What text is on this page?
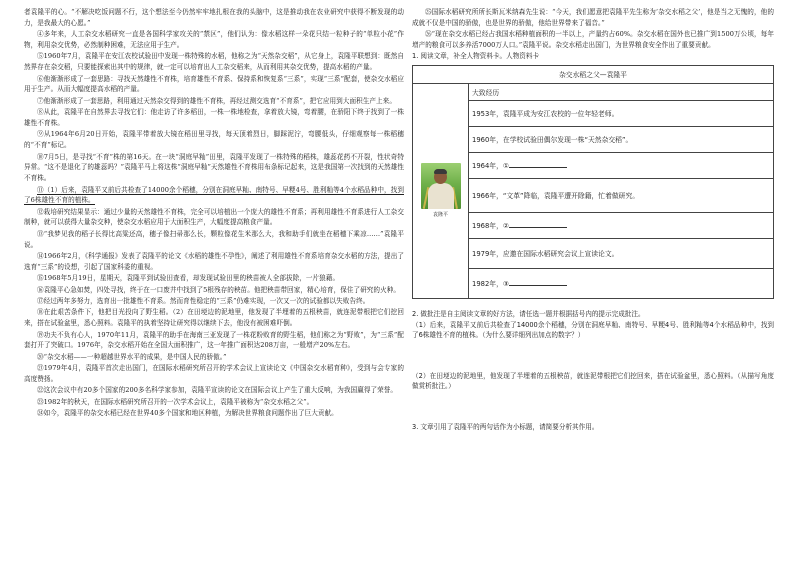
者袁隆平的心。“不解决吃饭问题不行，这个想法至今仍然牢牢地扎根在我的头脑中，这是推动我在农业研究中获得不断发现的动力，是我最大的心愿。”

④多年来，人工杂交水稻研究一直是各国科学家攻关的“禁区”，他们认为：像水稻这样一朵花只结一粒种子的“单粒小花”作物，利用杂交优势，必然制种困难，无法应用于生产。

⑤1960年7月，袁隆平在安江农校试验田中发现一株特殊的水稻，他称之为“天然杂交稻”，从它身上，袁隆平联想到：既然自然界存在杂交稻，只要能探索出其中的规律，就一定可以培育出人工杂交稻来，从而利用其杂交优势，提高水稻的产量。

⑥他渐渐形成了一套思路：寻找天然雄性不育株，培育雄性不育系、保持系和恢复系“三系”，实现“三系”配套，使杂交水稻应用于生产。从而大幅度提高水稻的产量。

⑦他渐渐形成了一套思路，利用通过天然杂交得到的雄性不育株，再经过测交选育“不育系”，把它应用到大面积生产上来。

⑧从此，袁隆平在自然界去寻找它们：他走访了许多稻田，一株一株地检查，拿着放大镜，弯着腰，在骄阳下终于找到了一株雄性不育株。

⑨从1964年6月20日开始，袁隆平带着放大镜在稻田里寻找，每天顶着烈日，脚踩泥泞，弯腰低头，仔细观察每一株稻穗的“不育”标记。

⑩7月5日，是寻找“不育”株的第16天。在一块“洞庭早籼”田里，袁隆平发现了一株特殊的稻株，雄蕊花药不开裂，性状奇特异常。“这不是退化了的雄蕊吗？”袁隆平马上将这株“洞庭早籼”天然雄性不育株用布条标记起来，这是我国第一次找到的天然雄性不育株。

⑪（1）后来，袁隆平又前后共检查了14000余个稻穗，分别在洞庭早籼、南特号、早粳4号、胜利籼等4个水稻品种中，找到了6株雄性不育的植株。

⑫栽培研究结果显示：通过少量的天然雄性不育株，完全可以培植出一个庞大的雄性不育系；再利用雄性不育系进行人工杂交制种，就可以获得大量杂交种，使杂交水稻应用于大面积生产，大幅度提高粮食产量。

⑬“我梦见我的稻子长得比高粱还高，穗子像扫帚那么长，颗粒像花生米那么大，我和助手们就坐在稻穗下乘凉……”袁隆平说。

⑭1966年2月，《科学通报》发表了袁隆平的论文《水稻的雄性不孕性》，阐述了利用雄性不育系培育杂交水稻的方法，提出了选育“三系”的设想，引起了国家科委的重视。

⑮1968年5月19日，星期天，袁隆平到试验田查看，却发现试验田里的秧苗被人全部拔除，一片狼藉。

⑯袁隆平心急如焚，四处寻找，终于在一口废井中找到了5根残存的秧苗。他把秧苗带回家，精心培育，保住了研究的火种。

⑰经过两年多努力，选育出一批雄性不育系。然而育性稳定的“三系”仍难实现，一次又一次的试验都以失败告终。

⑱在此艰苦条件下，他把目光投向了野生稻。（2）在田埂边的泥地里，他发现了半埋着的五根秧苗，就连泥带根把它们挖回来，搭在试验盆里，悉心照料。袁隆平的执着坚持让研究得以继续下去，他没有被困难吓倒。

⑲功夫不负有心人，1970年11月，袁隆平的助手在海南三亚发现了一株花粉败育的野生稻，他们称之为“野败”，为“三系”配套打开了突破口。1976年，杂交水稻开始在全国大面积推广，这一年推广面积达208万亩，一般增产20%左右。

⑳“杂交水稻——一种超越世界水平的成果，是中国人民的骄傲。”

㉑1979年4月，袁隆平首次走出国门，在国际水稻研究所召开的学术会议上宣读论文《中国杂交水稻育种》，受到与会专家的高度赞扬。

㉒这次会议中有20多个国家的200多名科学家参加，袁隆平宣读的论文在国际会议上产生了重大反响，为我国赢得了荣誉。

㉓1982年的秋天，在国际水稻研究所召开的一次学术会议上，袁隆平被称为“杂交水稻之父”。

㉔如今，袁隆平的杂交水稻已经在世界40多个国家和地区种植，为解决世界粮食问题作出了巨大贡献。

㉕国际水稻研究所所长斯瓦米纳森先生说：“今天，我们愿意把袁隆平先生称为‘杂交水稻之父’，他是当之无愧的，他的成就不仅是中国的骄傲，也是世界的骄傲，他给世界带来了福音。”

㉖“现在杂交水稻已经占我国水稻种植面积的一半以上，产量约占60%。杂交水稻在国外也已推广到1500万公顷，每年增产的粮食可以多养活7000万人口。”袁隆平说。杂交水稻走出国门，为世界粮食安全作出了重要贡献。

1. 阅读文章，补全人物资料卡。人物资料卡

杂交水稻之父—袁隆平

袁隆平
	大致经历
1953年，袁隆平成为安江农校的一位年轻老师。
1960年，在学校试验田偶尔发现一株“天然杂交稻”。
1964年，①
1966年，“文革”降临，袁隆平遭开除籍，忙着做研究。
1968年，②
1979年，应邀在国际水稻研究会议上宣读论文。
1982年，③

2. 做批注是自主阅读文章的好方法，请任选一题并根据括号内的提示完成批注。

（1）后来，袁隆平又前后共检查了14000余个稻穗，分别在洞庭早籼、南特号、早粳4号、胜利籼等4个水稻品种中，找到了6株雄性不育的植株。（为什么要详细列出加点的数字？）

（2）在田埂边的泥地里，他发现了半埋着的五根秧苗，就连泥带根把它们挖回来，搭在试验盆里，悉心照料。（从描写角度做赏析批注。）

3. 文章引用了袁隆平的两句话作为小标题，请简要分析其作用。
